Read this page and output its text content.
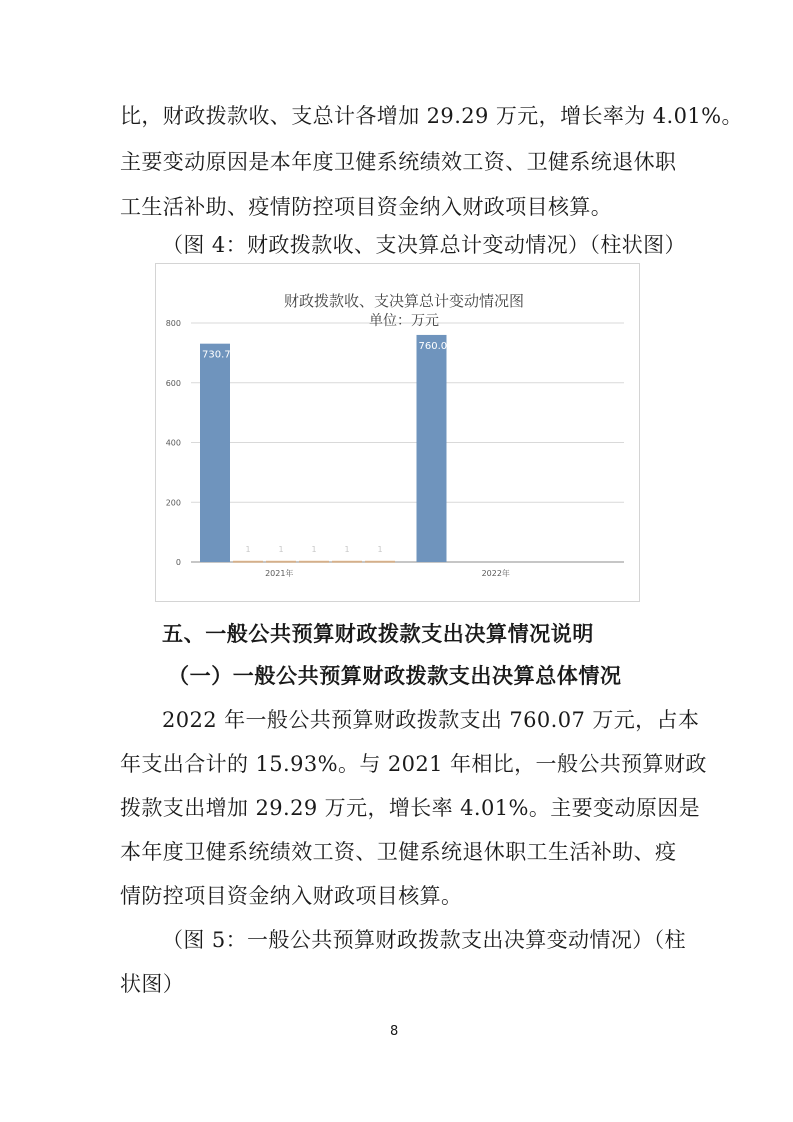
比，财政拨款收、支总计各增加 29.29 万元，增长率为 4.01%。
主要变动原因是本年度卫健系统绩效工资、卫健系统退休职
工生活补助、疫情防控项目资金纳入财政项目核算。
（图 4：财政拨款收、支决算总计变动情况）（柱状图）
800
600
400
200
0
财政拨款收、支决算总计变动情况图
单位：万元
730.78
2021年
760.07
2022年
1	1	1	1	1
五、一般公共预算财政拨款支出决算情况说明
（一）一般公共预算财政拨款支出决算总体情况
2022 年一般公共预算财政拨款支出 760.07 万元，占本
年支出合计的 15.93%。与 2021 年相比，一般公共预算财政
拨款支出增加 29.29 万元，增长率 4.01%。主要变动原因是
本年度卫健系统绩效工资、卫健系统退休职工生活补助、疫
情防控项目资金纳入财政项目核算。
（图 5：一般公共预算财政拨款支出决算变动情况）（柱
状图）
8
